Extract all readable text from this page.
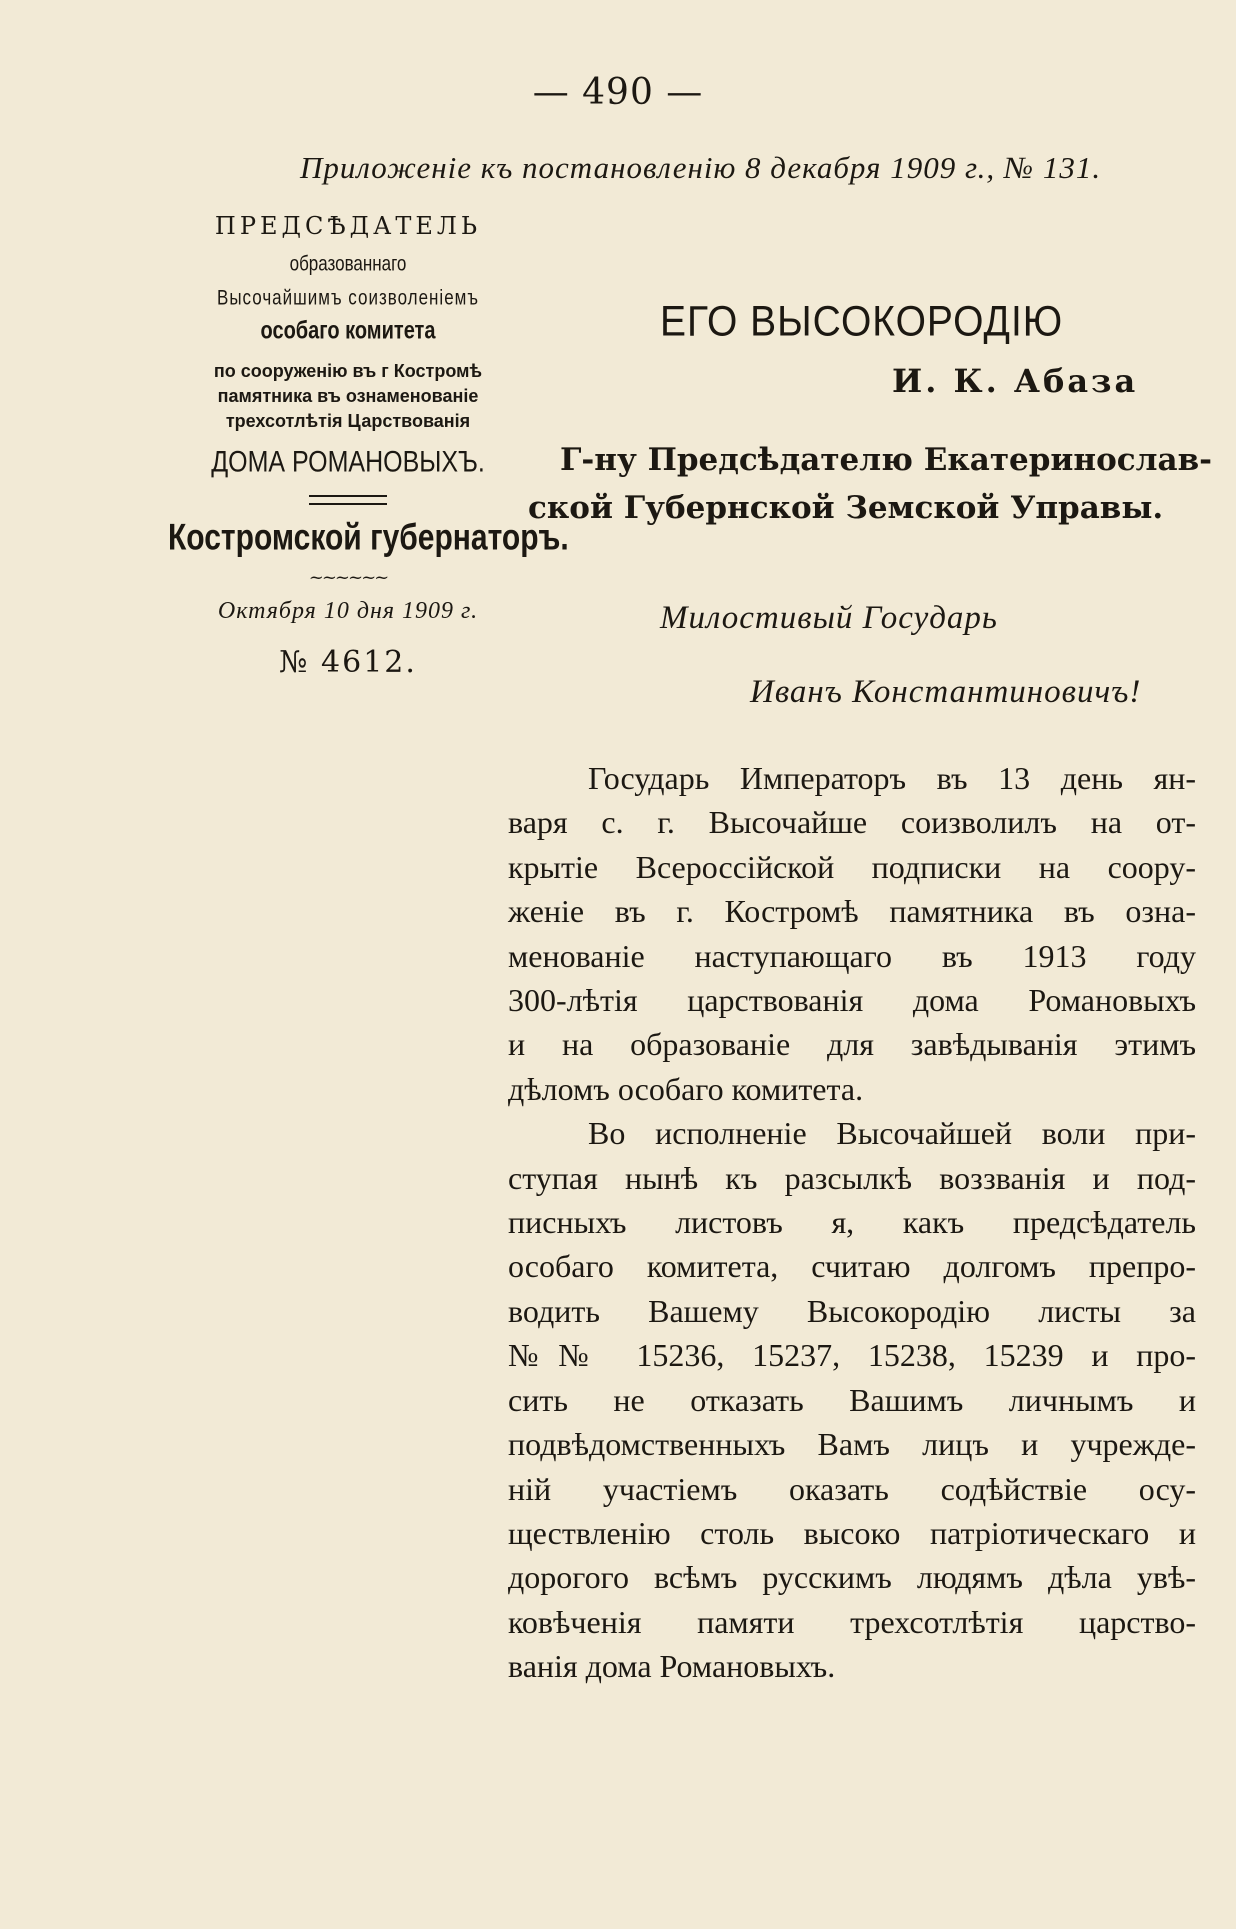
— 490 —
Приложеніе къ постановленію 8 декабря 1909 г., № 131.
ПРЕДСѢДАТЕЛЬ
образованнаго
Высочайшимъ соизволеніемъ
особаго комитета
по сооруженію въ г Костромѣ
памятника въ ознаменованіе
трехсотлѣтія Царствованія
ДОМА РОМАНОВЫХЪ.
Костромской губернаторъ.
~~~~~~
Октября 10 дня 1909 г.
№ 4612.
ЕГО ВЫСОКОРОДІЮ
И. К. Абаза
Г-ну Предсѣдателю Екатеринослав-
ской Губернской Земской Управы.
Милостивый Государь
Иванъ Константиновичъ!
Государь Императоръ въ 13 день ян-
варя с. г. Высочайше соизволилъ на от-
крытіе Всероссійской подписки на соору-
женіе въ г. Костромѣ памятника въ озна-
менованіе наступающаго въ 1913 году
300-лѣтія царствованія дома Романовыхъ
и на образованіе для завѣдыванія этимъ
дѣломъ особаго комитета.
Во исполненіе Высочайшей воли при-
ступая нынѣ къ разсылкѣ воззванія и под-
писныхъ листовъ я, какъ предсѣдатель
особаго комитета, считаю долгомъ препро-
водить Вашему Высокородію листы за
№№ 15236, 15237, 15238, 15239 и про-
сить не отказать Вашимъ личнымъ и
подвѣдомственныхъ Вамъ лицъ и учрежде-
ній участіемъ оказать содѣйствіе осу-
ществленію столь высоко патріотическаго и
дорогого всѣмъ русскимъ людямъ дѣла увѣ-
ковѣченія памяти трехсотлѣтія царство-
ванія дома Романовыхъ.
